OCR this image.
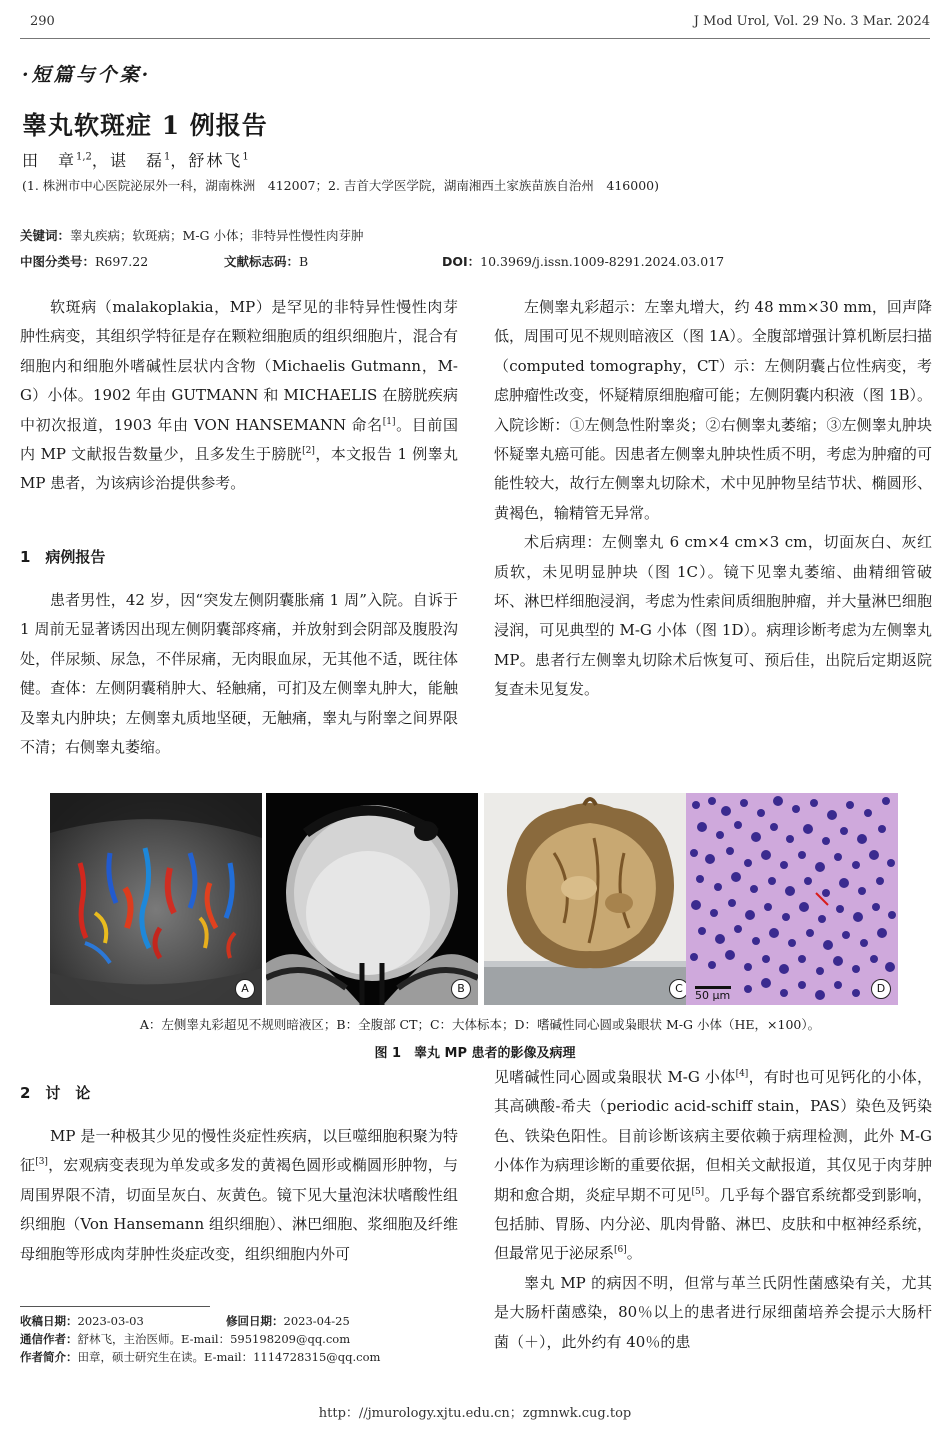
290	J Mod Urol, Vol. 29 No. 3 Mar. 2024
·短篇与个案·
睾丸软斑症 1 例报告
田　章$^{1,2}$，谌　磊$^1$，舒林飞$^1$
(1. 株洲市中心医院泌尿外一科，湖南株洲　412007；2. 吉首大学医学院，湖南湘西土家族苗族自治州　416000)
关键词：睾丸疾病；软斑病；M-G 小体；非特异性慢性肉芽肿
中图分类号：R697.22	文献标志码：B	DOI：10.3969/j.issn.1009-8291.2024.03.017

软斑病（malakoplakia，MP）是罕见的非特异性慢性肉芽肿性病变，其组织学特征是存在颗粒细胞质的组织细胞片，混合有细胞内和细胞外嗜碱性层状内含物（Michaelis Gutmann，M-G）小体。1902 年由 GUTMANN 和 MICHAELIS 在膀胱疾病中初次报道，1903 年由 VON HANSEMANN 命名[1]。目前国内 MP 文献报告数量少，且多发生于膀胱[2]，本文报告 1 例睾丸 MP 患者，为该病诊治提供参考。

1　病例报告

患者男性，42 岁，因“突发左侧阴囊胀痛 1 周”入院。自诉于 1 周前无显著诱因出现左侧阴囊部疼痛，并放射到会阴部及腹股沟处，伴尿频、尿急，不伴尿痛，无肉眼血尿，无其他不适，既往体健。查体：左侧阴囊稍肿大、轻触痛，可扪及左侧睾丸肿大，能触及睾丸内肿块；左侧睾丸质地坚硬，无触痛，睾丸与附睾之间界限不清；右侧睾丸萎缩。

左侧睾丸彩超示：左睾丸增大，约 48 mm×30 mm，回声降低，周围可见不规则暗液区（图 1A）。全腹部增强计算机断层扫描（computed tomography，CT）示：左侧阴囊占位性病变，考虑肿瘤性改变，怀疑精原细胞瘤可能；左侧阴囊内积液（图 1B）。入院诊断：①左侧急性附睾炎；②右侧睾丸萎缩；③左侧睾丸肿块怀疑睾丸癌可能。因患者左侧睾丸肿块性质不明，考虑为肿瘤的可能性较大，故行左侧睾丸切除术，术中见肿物呈结节状、椭圆形、黄褐色，输精管无异常。

术后病理：左侧睾丸 6 cm×4 cm×3 cm，切面灰白、灰红质软，未见明显肿块（图 1C）。镜下见睾丸萎缩、曲精细管破坏、淋巴样细胞浸润，考虑为性索间质细胞肿瘤，并大量淋巴细胞浸润，可见典型的 M-G 小体（图 1D）。病理诊断考虑为左侧睾丸 MP。患者行左侧睾丸切除术后恢复可、预后佳，出院后定期返院复查未见复发。

A	B	C
50 μm
D
A：左侧睾丸彩超见不规则暗液区；B：全腹部 CT；C：大体标本；D：嗜碱性同心圆或枭眼状 M-G 小体（HE，×100）。
图 1　睾丸 MP 患者的影像及病理
2　讨　论

MP 是一种极其少见的慢性炎症性疾病，以巨噬细胞积聚为特征[3]，宏观病变表现为单发或多发的黄褐色圆形或椭圆形肿物，与周围界限不清，切面呈灰白、灰黄色。镜下见大量泡沫状嗜酸性组织细胞（Von Hansemann 组织细胞）、淋巴细胞、浆细胞及纤维母细胞等形成肉芽肿性炎症改变，组织细胞内外可

见嗜碱性同心圆或枭眼状 M-G 小体[4]，有时也可见钙化的小体，其高碘酸-希夫（periodic acid-schiff stain，PAS）染色及钙染色、铁染色阳性。目前诊断该病主要依赖于病理检测，此外 M-G 小体作为病理诊断的重要依据，但相关文献报道，其仅见于肉芽肿期和愈合期，炎症早期不可见[5]。几乎每个器官系统都受到影响，包括肺、胃肠、内分泌、肌肉骨骼、淋巴、皮肤和中枢神经系统，但最常见于泌尿系[6]。

睾丸 MP 的病因不明，但常与革兰氏阴性菌感染有关，尤其是大肠杆菌感染，80％以上的患者进行尿细菌培养会提示大肠杆菌（＋），此外约有 40％的患

收稿日期：2023-03-03	修回日期：2023-04-25
通信作者：舒林飞，主治医师。E-mail：595198209@qq.com
作者简介：田章，硕士研究生在读。E-mail：1114728315@qq.com
http：//jmurology.xjtu.edu.cn；zgmnwk.cug.top
